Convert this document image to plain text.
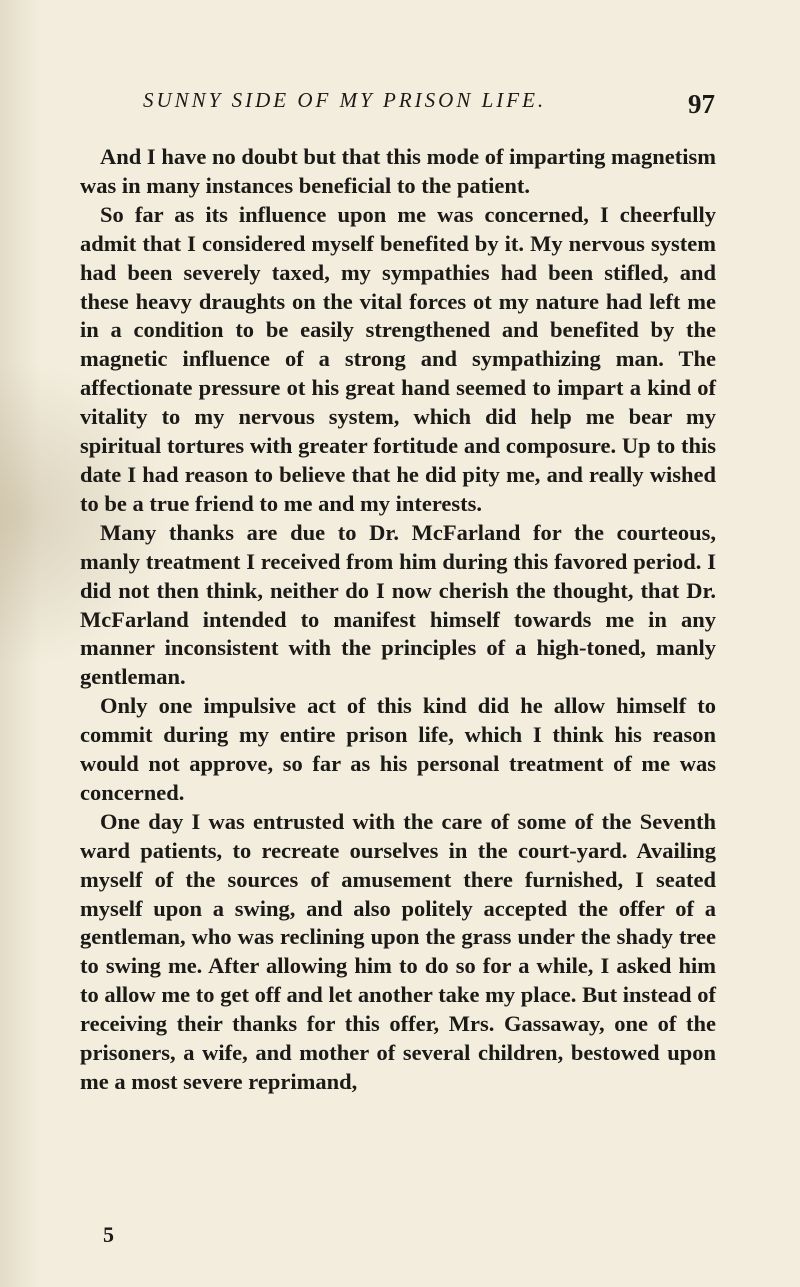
SUNNY SIDE OF MY PRISON LIFE.	97

And I have no doubt but that this mode of imparting magnetism was in many instances beneficial to the patient.

So far as its influence upon me was concerned, I cheerfully admit that I considered myself benefited by it. My nervous system had been severely taxed, my sympathies had been stifled, and these heavy draughts on the vital forces ot my nature had left me in a condition to be easily strengthened and benefited by the magnetic influence of a strong and sympathizing man. The affectionate pressure ot his great hand seemed to impart a kind of vitality to my nervous system, which did help me bear my spiritual tortures with greater fortitude and composure. Up to this date I had reason to believe that he did pity me, and really wished to be a true friend to me and my interests.

Many thanks are due to Dr. McFarland for the courteous, manly treatment I received from him during this favored period. I did not then think, neither do I now cherish the thought, that Dr. McFarland intended to manifest himself towards me in any manner inconsistent with the principles of a high-toned, manly gentleman.

Only one impulsive act of this kind did he allow himself to commit during my entire prison life, which I think his reason would not approve, so far as his personal treatment of me was concerned.

One day I was entrusted with the care of some of the Seventh ward patients, to recreate ourselves in the court-yard. Availing myself of the sources of amusement there furnished, I seated myself upon a swing, and also politely accepted the offer of a gentleman, who was reclining upon the grass under the shady tree to swing me. After allowing him to do so for a while, I asked him to allow me to get off and let another take my place. But instead of receiving their thanks for this offer, Mrs. Gassaway, one of the prisoners, a wife, and mother of several children, bestowed upon me a most severe reprimand,

5
